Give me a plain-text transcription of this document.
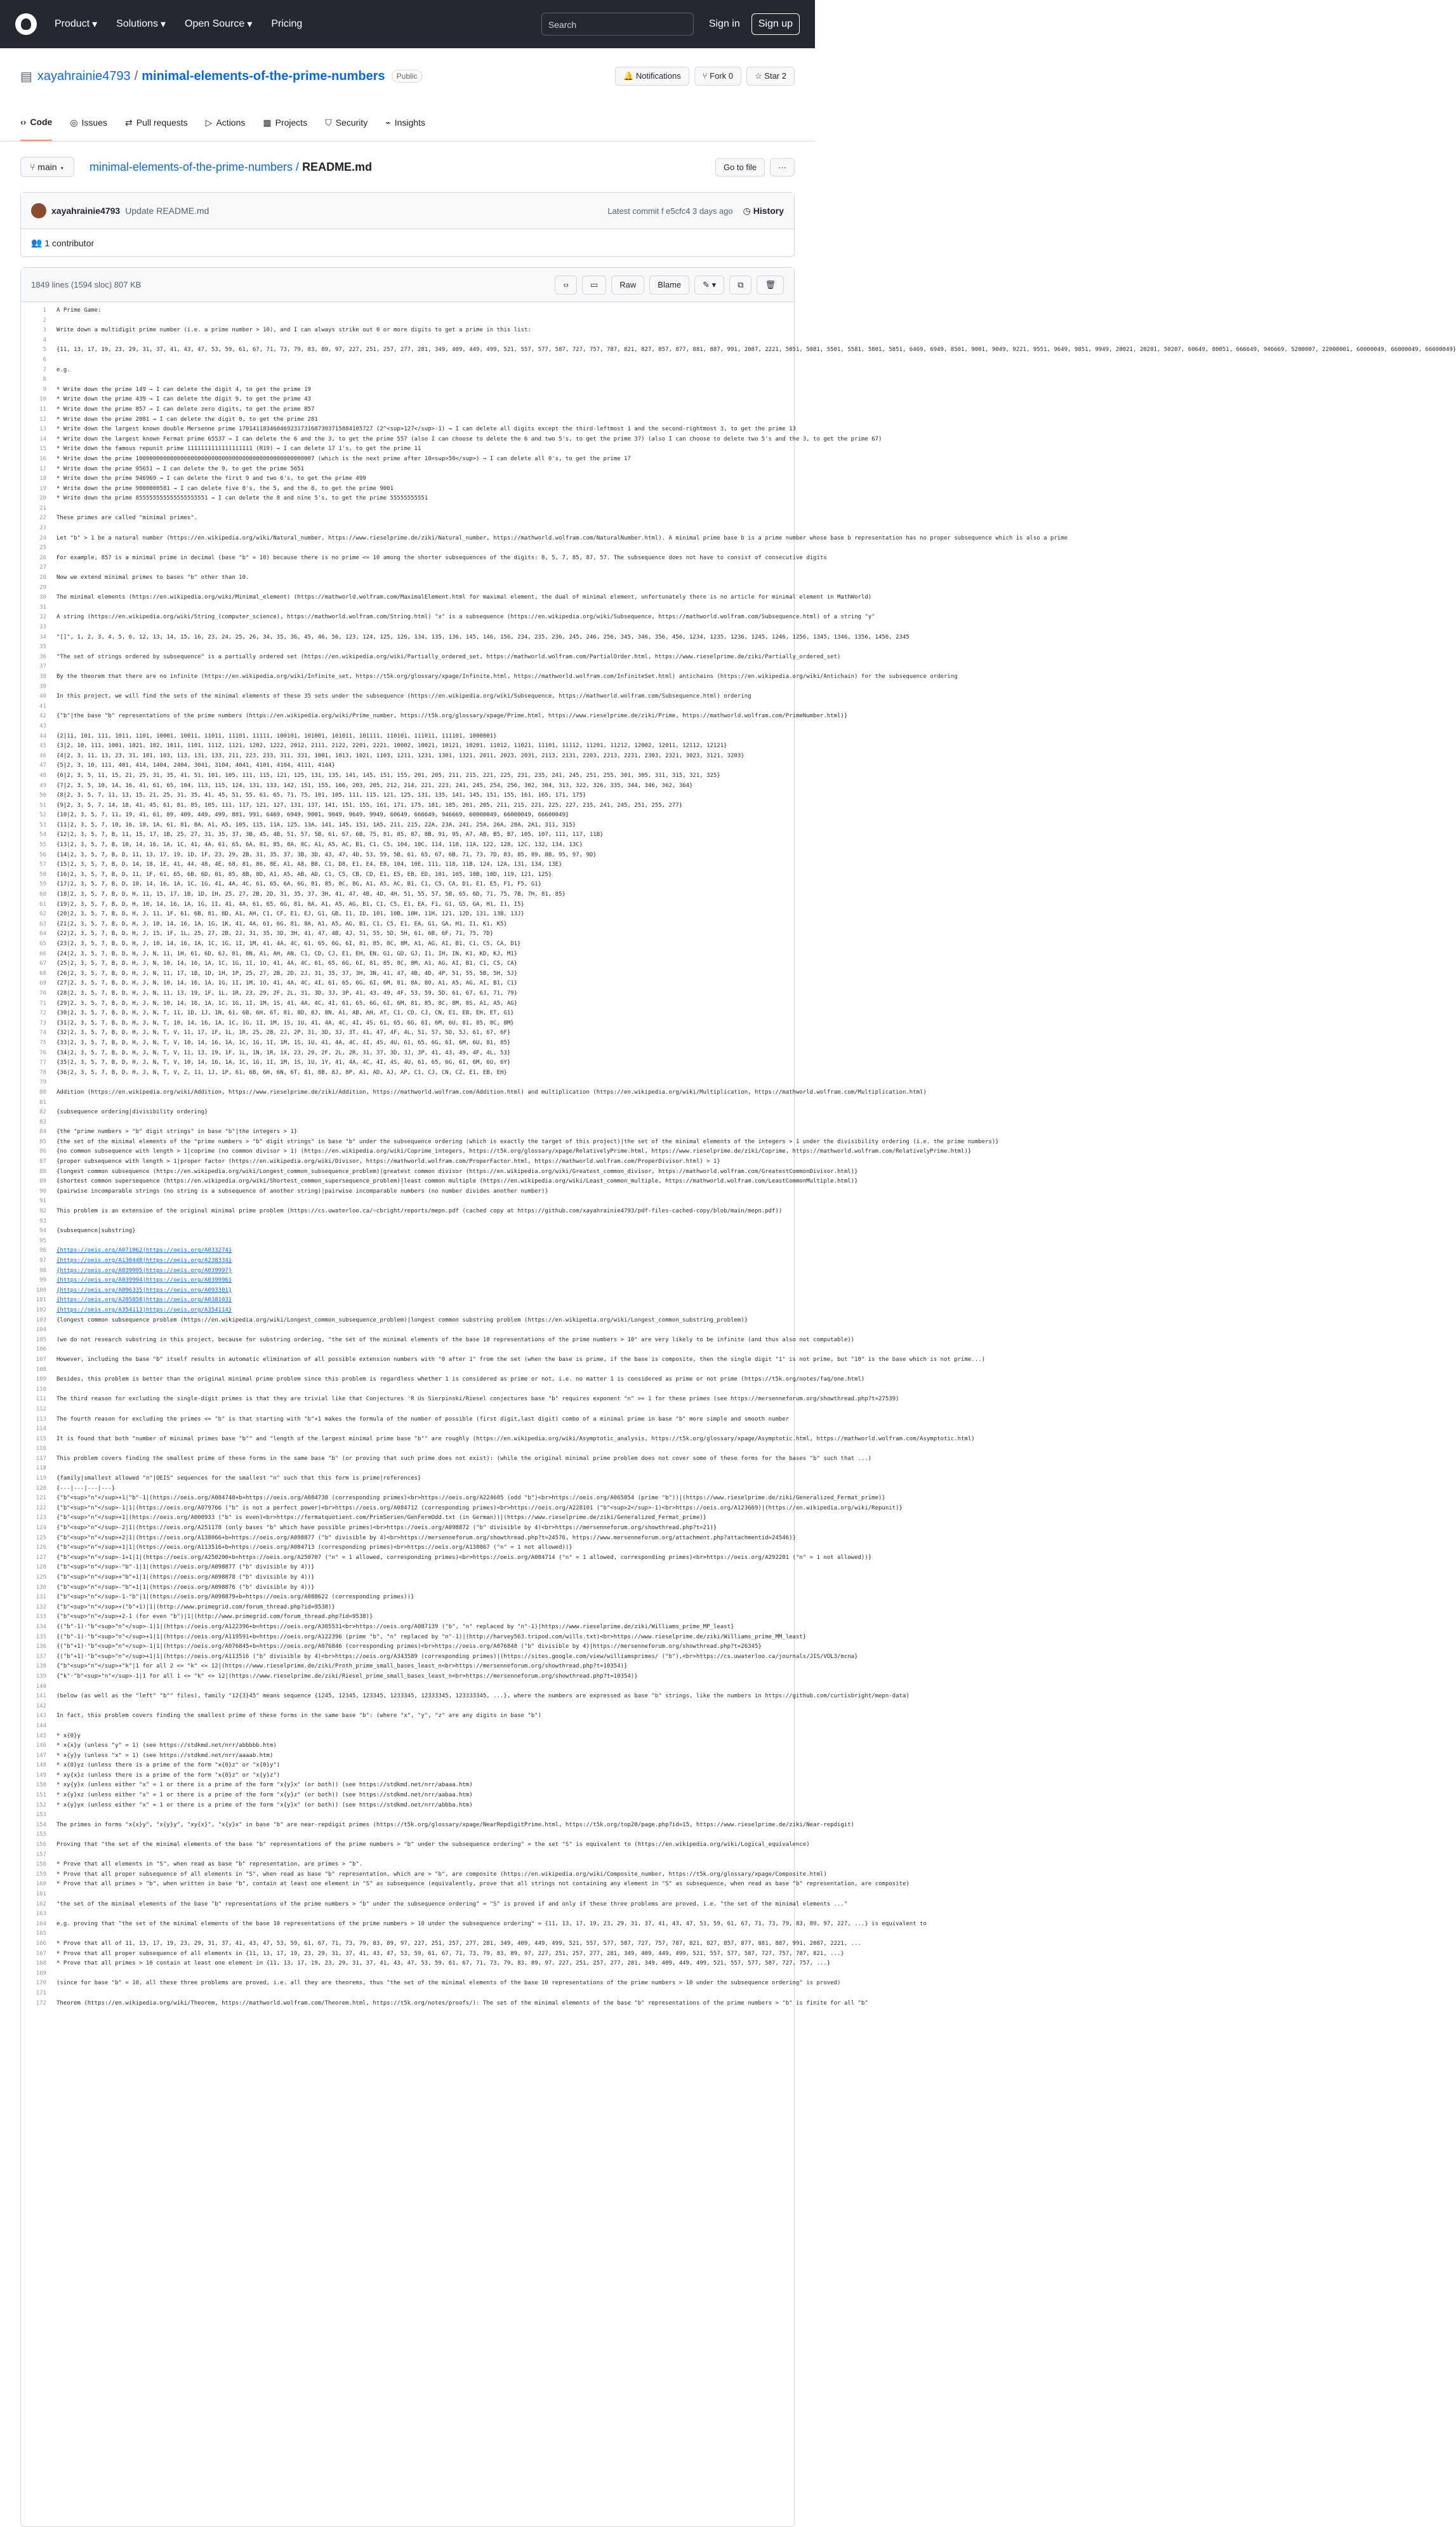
Product ▾ Solutions ▾ Open Source ▾ Pricing	Search	Sign in	Sign up
▤ xayahrainie4793 / minimal-elements-of-the-prime-numbers	Public	🔔 Notifications	⑂ Fork 0	☆ Star 2
‹› Code ◎ Issues ⇄ Pull requests ▷ Actions ▦ Projects ⛉ Security ⌁ Insights
⑂ main ▾	minimal-elements-of-the-prime-numbers / README.md	Go to file	···
xayahrainie4793 Update README.md	Latest commit f e5cfc4 3 days ago ◷ History
👥
1 contributor
1849 lines (1594 sloc) 807 KB	‹›	▭	Raw	Blame	✎ ▾	⧉	🗑
1	A Prime Game:
2
3	Write down a multidigit prime number (i.e. a prime number > 10), and I can always strike out 0 or more digits to get a prime in this list:
4
5	{11, 13, 17, 19, 23, 29, 31, 37, 41, 43, 47, 53, 59, 61, 67, 71, 73, 79, 83, 89, 97, 227, 251, 257, 277, 281, 349, 409, 449, 499, 521, 557, 577, 587, 727, 757, 787, 821, 827, 857, 877, 881, 887, 991, 2087, 2221, 5051, 5081, 5501, 5581, 5801, 5851, 6469, 6949, 8501, 9001, 9049, 9221, 9551, 9649, 9851, 9949, 20021, 20201, 50207, 60649, 80051, 666649, 946669, 5200007, 22000001, 60000049, 66000049, 66600049}
6
7	e.g.
8
9	* Write down the prime 149 → I can delete the digit 4, to get the prime 19
10	* Write down the prime 439 → I can delete the digit 9, to get the prime 43
11	* Write down the prime 857 → I can delete zero digits, to get the prime 857
12	* Write down the prime 2081 → I can delete the digit 0, to get the prime 281
13	* Write down the largest known double Mersenne prime 170141183460469231731687303715884105727 (2^<sup>127</sup>-1) → I can delete all digits except the third-leftmost 1 and the second-rightmost 3, to get the prime 13
14	* Write down the largest known Fermat prime 65537 → I can delete the 6 and the 3, to get the prime 557 (also I can choose to delete the 6 and two 5's, to get the prime 37) (also I can choose to delete two 5's and the 3, to get the prime 67)
15	* Write down the famous repunit prime 1111111111111111111 (R19) → I can delete 17 1's, to get the prime 11
16	* Write down the prime 1000000000000000000000000000000000000000000000000007 (which is the next prime after 10<sup>50</sup>) → I can delete all 0's, to get the prime 17
17	* Write down the prime 95651 → I can delete the 9, to get the prime 5651
18	* Write down the prime 946969 → I can delete the first 9 and two 6's, to get the prime 499
19	* Write down the prime 9000000581 → I can delete five 0's, the 5, and the 8, to get the prime 9001
20	* Write down the prime 855555555555555555551 → I can delete the 8 and nine 5's, to get the prime 55555555551
21
22	These primes are called "minimal primes".
23
24	Let "b" > 1 be a natural number (https://en.wikipedia.org/wiki/Natural_number, https://www.rieselprime.de/ziki/Natural_number, https://mathworld.wolfram.com/NaturalNumber.html). A minimal prime base b is a prime number whose base b representation has no proper subsequence which is also a prime
25
26	For example, 857 is a minimal prime in decimal (base "b" = 10) because there is no prime <= 10 among the shorter subsequences of the digits: 8, 5, 7, 85, 87, 57. The subsequence does not have to consist of consecutive digits
27
28	Now we extend minimal primes to bases "b" other than 10.
29
30	The minimal elements (https://en.wikipedia.org/wiki/Minimal_element) (https://mathworld.wolfram.com/MaximalElement.html for maximal element, the dual of minimal element, unfortunately there is no article for minimal element in MathWorld)
31
32	A string (https://en.wikipedia.org/wiki/String_(computer_science), https://mathworld.wolfram.com/String.html) "x" is a subsequence (https://en.wikipedia.org/wiki/Subsequence, https://mathworld.wolfram.com/Subsequence.html) of a string "y"
33
34	"[]", 1, 2, 3, 4, 5, 6, 12, 13, 14, 15, 16, 23, 24, 25, 26, 34, 35, 36, 45, 46, 56, 123, 124, 125, 126, 134, 135, 136, 145, 146, 156, 234, 235, 236, 245, 246, 256, 345, 346, 356, 456, 1234, 1235, 1236, 1245, 1246, 1256, 1345, 1346, 1356, 1456, 2345
35
36	"The set of strings ordered by subsequence" is a partially ordered set (https://en.wikipedia.org/wiki/Partially_ordered_set, https://mathworld.wolfram.com/PartialOrder.html, https://www.rieselprime.de/ziki/Partially_ordered_set)
37
38	By the theorem that there are no infinite (https://en.wikipedia.org/wiki/Infinite_set, https://t5k.org/glossary/xpage/Infinite.html, https://mathworld.wolfram.com/InfiniteSet.html) antichains (https://en.wikipedia.org/wiki/Antichain) for the subsequence ordering
39
40	In this project, we will find the sets of the minimal elements of these 35 sets under the subsequence (https://en.wikipedia.org/wiki/Subsequence, https://mathworld.wolfram.com/Subsequence.html) ordering
41
42	{"b"|the base "b" representations of the prime numbers (https://en.wikipedia.org/wiki/Prime_number, https://t5k.org/glossary/xpage/Prime.html, https://www.rieselprime.de/ziki/Prime, https://mathworld.wolfram.com/PrimeNumber.html)}
43
44	{2|11, 101, 111, 1011, 1101, 10001, 10011, 11011, 11101, 11111, 100101, 101001, 101011, 101111, 110101, 111011, 111101, 1000001}
45	{3|2, 10, 111, 1001, 1021, 102, 1011, 1101, 1112, 1121, 1202, 1222, 2012, 2111, 2122, 2201, 2221, 10002, 10021, 10121, 10201, 11012, 11021, 11101, 11112, 11201, 11212, 12002, 12011, 12112, 12121}
46	{4|2, 3, 11, 13, 23, 31, 101, 103, 113, 131, 133, 211, 223, 233, 311, 331, 1001, 1013, 1021, 1103, 1211, 1231, 1301, 1321, 2011, 2023, 2031, 2113, 2131, 2203, 2213, 2231, 2303, 2321, 3023, 3121, 3203}
47	{5|2, 3, 10, 111, 401, 414, 1404, 2404, 3041, 3104, 4041, 4101, 4104, 4111, 4144}
48	{6|2, 3, 5, 11, 15, 21, 25, 31, 35, 41, 51, 101, 105, 111, 115, 121, 125, 131, 135, 141, 145, 151, 155, 201, 205, 211, 215, 221, 225, 231, 235, 241, 245, 251, 255, 301, 305, 311, 315, 321, 325}
49	{7|2, 3, 5, 10, 14, 16, 41, 61, 65, 104, 113, 115, 124, 131, 133, 142, 151, 155, 166, 203, 205, 212, 214, 221, 223, 241, 245, 254, 256, 302, 304, 313, 322, 326, 335, 344, 346, 362, 364}
50	{8|2, 3, 5, 7, 11, 13, 15, 21, 25, 31, 35, 41, 45, 51, 55, 61, 65, 71, 75, 101, 105, 111, 115, 121, 125, 131, 135, 141, 145, 151, 155, 161, 165, 171, 175}
51	{9|2, 3, 5, 7, 14, 18, 41, 45, 61, 81, 85, 105, 111, 117, 121, 127, 131, 137, 141, 151, 155, 161, 171, 175, 181, 185, 201, 205, 211, 215, 221, 225, 227, 235, 241, 245, 251, 255, 277}
52	{10|2, 3, 5, 7, 11, 19, 41, 61, 89, 409, 449, 499, 881, 991, 6469, 6949, 9001, 9049, 9649, 9949, 60649, 666649, 946669, 60000049, 66000049, 66600049}
53	{11|2, 3, 5, 7, 10, 16, 18, 1A, 61, 81, 8A, A1, A5, 105, 115, 11A, 125, 13A, 141, 145, 151, 1A5, 211, 215, 22A, 23A, 241, 25A, 26A, 28A, 2A1, 311, 315}
54	{12|2, 3, 5, 7, B, 11, 15, 17, 1B, 25, 27, 31, 35, 37, 3B, 45, 4B, 51, 57, 5B, 61, 67, 6B, 75, 81, 85, 87, 8B, 91, 95, A7, AB, B5, B7, 105, 107, 111, 117, 11B}
55	{13|2, 3, 5, 7, B, 10, 14, 16, 1A, 1C, 41, 4A, 61, 65, 6A, 81, 85, 8A, 8C, A1, A5, AC, B1, C1, C5, 104, 10C, 114, 118, 11A, 122, 128, 12C, 132, 134, 13C}
56	{14|2, 3, 5, 7, B, D, 11, 13, 17, 19, 1D, 1F, 23, 29, 2B, 31, 35, 37, 3B, 3D, 43, 47, 4D, 53, 59, 5B, 61, 65, 67, 6B, 71, 73, 7D, 83, 85, 89, 8B, 95, 97, 9D}
57	{15|2, 3, 5, 7, B, D, 14, 18, 1E, 41, 44, 48, 4E, 68, 81, 86, 8E, A1, A8, B8, C1, D8, E1, E4, E8, 104, 10E, 111, 118, 11B, 124, 12A, 131, 134, 13E}
58	{16|2, 3, 5, 7, B, D, 11, 1F, 61, 65, 6B, 6D, 81, 85, 8B, 8D, A1, A5, AB, AD, C1, C5, CB, CD, E1, E5, EB, ED, 101, 105, 10B, 10D, 119, 121, 125}
59	{17|2, 3, 5, 7, B, D, 10, 14, 16, 1A, 1C, 1G, 41, 4A, 4C, 61, 65, 6A, 6G, 81, 85, 8C, 8G, A1, A5, AC, B1, C1, C5, CA, D1, E1, E5, F1, F5, G1}
60	{18|2, 3, 5, 7, B, D, H, 11, 15, 17, 1B, 1D, 1H, 25, 27, 2B, 2D, 31, 35, 37, 3H, 41, 47, 4B, 4D, 4H, 51, 55, 57, 5B, 65, 6D, 71, 75, 7B, 7H, 81, 85}
61	{19|2, 3, 5, 7, B, D, H, 10, 14, 16, 1A, 1G, 1I, 41, 4A, 61, 65, 6G, 81, 8A, A1, A5, AG, B1, C1, C5, E1, EA, F1, G1, G5, GA, H1, I1, I5}
62	{20|2, 3, 5, 7, B, D, H, J, 11, 1F, 61, 6B, 81, 8D, A1, AH, C1, CF, E1, EJ, G1, GB, I1, ID, 101, 10B, 10H, 11H, 121, 12D, 131, 13B, 13J}
63	{21|2, 3, 5, 7, B, D, H, J, 10, 14, 16, 1A, 1G, 1K, 41, 4A, 61, 6G, 81, 8A, A1, A5, AG, B1, C1, C5, E1, EA, G1, GA, H1, I1, K1, K5}
64	{22|2, 3, 5, 7, B, D, H, J, 15, 1F, 1L, 25, 27, 2B, 2J, 31, 35, 3D, 3H, 41, 47, 4B, 4J, 51, 55, 5D, 5H, 61, 6B, 6F, 71, 75, 7D}
65	{23|2, 3, 5, 7, B, D, H, J, 10, 14, 16, 1A, 1C, 1G, 1I, 1M, 41, 4A, 4C, 61, 65, 6G, 6I, 81, 85, 8C, 8M, A1, AG, AI, B1, C1, C5, CA, D1}
66	{24|2, 3, 5, 7, B, D, H, J, N, 11, 1H, 61, 6D, 6J, 81, 8N, A1, AH, AN, C1, CD, CJ, E1, EH, EN, G1, GD, GJ, I1, IH, IN, K1, KD, KJ, M1}
67	{25|2, 3, 5, 7, B, D, H, J, N, 10, 14, 16, 1A, 1C, 1G, 1I, 1O, 41, 4A, 4C, 61, 65, 6G, 6I, 81, 85, 8C, 8M, A1, AG, AI, B1, C1, C5, CA}
68	{26|2, 3, 5, 7, B, D, H, J, N, 11, 17, 1B, 1D, 1H, 1P, 25, 27, 2B, 2D, 2J, 31, 35, 37, 3H, 3N, 41, 47, 4B, 4D, 4P, 51, 55, 5B, 5H, 5J}
69	{27|2, 3, 5, 7, B, D, H, J, N, 10, 14, 16, 1A, 1G, 1I, 1M, 1O, 41, 4A, 4C, 4I, 61, 65, 6G, 6I, 6M, 81, 8A, 8O, A1, A5, AG, AI, B1, C1}
70	{28|2, 3, 5, 7, B, D, H, J, N, 11, 13, 19, 1F, 1L, 1R, 23, 29, 2F, 2L, 31, 3D, 3J, 3P, 41, 43, 49, 4F, 53, 59, 5D, 61, 67, 6J, 71, 79}
71	{29|2, 3, 5, 7, B, D, H, J, N, 10, 14, 16, 1A, 1C, 1G, 1I, 1M, 1S, 41, 4A, 4C, 4I, 61, 65, 6G, 6I, 6M, 81, 85, 8C, 8M, 8S, A1, A5, AG}
72	{30|2, 3, 5, 7, B, D, H, J, N, T, 11, 1D, 1J, 1N, 61, 6B, 6H, 6T, 81, 8D, 8J, 8N, A1, AB, AH, AT, C1, CD, CJ, CN, E1, EB, EH, ET, G1}
73	{31|2, 3, 5, 7, B, D, H, J, N, T, 10, 14, 16, 1A, 1C, 1G, 1I, 1M, 1S, 1U, 41, 4A, 4C, 4I, 4S, 61, 65, 6G, 6I, 6M, 6U, 81, 85, 8C, 8M}
74	{32|2, 3, 5, 7, B, D, H, J, N, T, V, 11, 17, 1F, 1L, 1R, 25, 2B, 2J, 2P, 31, 3D, 3J, 3T, 41, 47, 4F, 4L, 51, 57, 5D, 5J, 61, 67, 6F}
75	{33|2, 3, 5, 7, B, D, H, J, N, T, V, 10, 14, 16, 1A, 1C, 1G, 1I, 1M, 1S, 1U, 41, 4A, 4C, 4I, 4S, 4U, 61, 65, 6G, 6I, 6M, 6U, 81, 85}
76	{34|2, 3, 5, 7, B, D, H, J, N, T, V, 11, 13, 19, 1F, 1L, 1N, 1R, 1X, 23, 29, 2F, 2L, 2R, 31, 37, 3D, 3J, 3P, 41, 43, 49, 4F, 4L, 53}
77	{35|2, 3, 5, 7, B, D, H, J, N, T, V, 10, 14, 16, 1A, 1C, 1G, 1I, 1M, 1S, 1U, 1Y, 41, 4A, 4C, 4I, 4S, 4U, 61, 65, 6G, 6I, 6M, 6U, 6Y}
78	{36|2, 3, 5, 7, B, D, H, J, N, T, V, Z, 11, 1J, 1P, 61, 6B, 6H, 6N, 6T, 81, 8B, 8J, 8P, A1, AD, AJ, AP, C1, CJ, CN, CZ, E1, EB, EH}
79
80	Addition (https://en.wikipedia.org/wiki/Addition, https://www.rieselprime.de/ziki/Addition, https://mathworld.wolfram.com/Addition.html) and multiplication (https://en.wikipedia.org/wiki/Multiplication, https://mathworld.wolfram.com/Multiplication.html)
81
82	{subsequence ordering|divisibility ordering}
83
84	{the "prime numbers > "b" digit strings" in base "b"|the integers > 1}
85	{the set of the minimal elements of the "prime numbers > "b" digit strings" in base "b" under the subsequence ordering (which is exactly the target of this project)|the set of the minimal elements of the integers > 1 under the divisibility ordering (i.e. the prime numbers)}
86	{no common subsequence with length > 1|coprime (no common divisor > 1) (https://en.wikipedia.org/wiki/Coprime_integers, https://t5k.org/glossary/xpage/RelativelyPrime.html, https://www.rieselprime.de/ziki/Coprime, https://mathworld.wolfram.com/RelativelyPrime.html)}
87	{proper subsequence with length > 1|proper factor (https://en.wikipedia.org/wiki/Divisor, https://mathworld.wolfram.com/ProperFactor.html, https://mathworld.wolfram.com/ProperDivisor.html) > 1}
88	{longest common subsequence (https://en.wikipedia.org/wiki/Longest_common_subsequence_problem)|greatest common divisor (https://en.wikipedia.org/wiki/Greatest_common_divisor, https://mathworld.wolfram.com/GreatestCommonDivisor.html)}
89	{shortest common supersequence (https://en.wikipedia.org/wiki/Shortest_common_supersequence_problem)|least common multiple (https://en.wikipedia.org/wiki/Least_common_multiple, https://mathworld.wolfram.com/LeastCommonMultiple.html)}
90	{pairwise incomparable strings (no string is a subsequence of another string)|pairwise incomparable numbers (no number divides another number)}
91
92	This problem is an extension of the original minimal prime problem (https://cs.uwaterloo.ca/~cbright/reports/mepn.pdf (cached copy at https://github.com/xayahrainie4793/pdf-files-cached-copy/blob/main/mepn.pdf))
93
94	{subsequence|substring}
95
96	{https://oeis.org/A071062|https://oeis.org/A033274}
97	{https://oeis.org/A130448|https://oeis.org/A238334}
98	{https://oeis.org/A039995|https://oeis.org/A039997}
99	{https://oeis.org/A039994|https://oeis.org/A039996}
100	{https://oeis.org/A096335|https://oeis.org/A093301}
101	{https://oeis.org/A205058|https://oeis.org/A038103}
102	{https://oeis.org/A354113|https://oeis.org/A354114}
103	{longest common subsequence problem (https://en.wikipedia.org/wiki/Longest_common_subsequence_problem)|longest common substring problem (https://en.wikipedia.org/wiki/Longest_common_substring_problem)}
104
105	(we do not research substring in this project, because for substring ordering, "the set of the minimal elements of the base 10 representations of the prime numbers > 10" are very likely to be infinite (and thus also not computable))
106
107	However, including the base "b" itself results in automatic elimination of all possible extension numbers with "0 after 1" from the set (when the base is prime, if the base is composite, then the single digit "1" is not prime, but "10" is the base which is not prime...)
108
109	Besides, this problem is better than the original minimal prime problem since this problem is regardless whether 1 is considered as prime or not, i.e. no matter 1 is considered as prime or not prime (https://t5k.org/notes/faq/one.html)
110
111	The third reason for excluding the single-digit primes is that they are trivial like that Conjectures 'R Us Sierpinski/Riesel conjectures base "b" requires exponent "n" >= 1 for these primes (see https://mersenneforum.org/showthread.php?t=27539)
112
113	The fourth reason for excluding the primes <= "b" is that starting with "b"+1 makes the formula of the number of possible (first digit,last digit) combo of a minimal prime in base "b" more simple and smooth number
114
115	It is found that both "number of minimal primes base "b"" and "length of the largest minimal prime base "b"" are roughly (https://en.wikipedia.org/wiki/Asymptotic_analysis, https://t5k.org/glossary/xpage/Asymptotic.html, https://mathworld.wolfram.com/Asymptotic.html)
116
117	This problem covers finding the smallest prime of these forms in the same base "b" (or proving that such prime does not exist): (while the original minimal prime problem does not cover some of these forms for the bases "b" such that ...)
118
119	{family|smallest allowed "n"|OEIS" sequences for the smallest "n" such that this form is prime|references}
120	{---|---|---|---}
121	{"b"<sup>"n"</sup>+1|"b"-1|(https://oeis.org/A084740+b=https://oeis.org/A084738 (corresponding primes)<br>https://oeis.org/A224605 (odd "b")<br>https://oeis.org/A065854 (prime "b"))|(https://www.rieselprime.de/ziki/Generalized_Fermat_prime)}
122	{"b"<sup>"n"</sup>-1|1|(https://oeis.org/A079766 ("b" is not a perfect power)<br>https://oeis.org/A084712 (corresponding primes)<br>https://oeis.org/A228101 ("b"<sup>2</sup>-1)<br>https://oeis.org/A123669)|(https://en.wikipedia.org/wiki/Repunit)}
123	{"b"<sup>"n"</sup>+1|(https://oeis.org/A000933 ("b" is even)<br>https://fermatquotient.com/PrimSerien/GenFermOdd.txt (in German))|(https://www.rieselprime.de/ziki/Generalized_Fermat_prime)}
124	{"b"<sup>"n"</sup>-2|1|(https://oeis.org/A251178 (only bases "b" which have possible primes)<br>https://oeis.org/A098872 ("b" divisible by 4)<br>https://mersenneforum.org/showthread.php?t=21)}
125	{"b"<sup>"n"</sup>+2|1|(https://oeis.org/A138066+b=https://oeis.org/A098877 ("b" divisible by 4)<br>https://mersenneforum.org/showthread.php?t=24576, https://www.mersenneforum.org/attachment.php?attachmentid=24546)}
126	{"b"<sup>"n"</sup>+1|1|(https://oeis.org/A113516+b=https://oeis.org/A084713 (corresponding primes)<br>https://oeis.org/A138067 ("n" = 1 not allowed))}
127	{"b"<sup>"n"</sup>-1+1|1|(https://oeis.org/A250200+b=https://oeis.org/A250707 ("n" = 1 allowed, corresponding primes)<br>https://oeis.org/A084714 ("n" = 1 allowed, corresponding primes)<br>https://oeis.org/A292201 ("n" = 1 not allowed))}
128	{"b"<sup>"n"</sup>-"b"-1|1|(https://oeis.org/A098877 ("b" divisible by 4))}
129	{"b"<sup>"n"</sup>+"b"+1|1|(https://oeis.org/A098878 ("b" divisible by 4))}
130	{"b"<sup>"n"</sup>-"b"+1|1|(https://oeis.org/A098876 ("b" divisible by 4))}
131	{"b"<sup>"n"</sup>-1-"b"|1|(https://oeis.org/A098879+b=https://oeis.org/A088622 (corresponding primes))}
132	{"b"<sup>"n"</sup>+("b"+1)|1|(http://www.primegrid.com/forum_thread.php?id=9538)}
133	{"b"<sup>"n"</sup>+2-1 (for even "b")|1|(http://www.primegrid.com/forum_thread.php?id=9538)}
134	{("b"-1)·"b"<sup>"n"</sup>-1|1|(https://oeis.org/A122396+b=https://oeis.org/A305531<br>https://oeis.org/A087139 ("b", "n" replaced by "n"-1)|https://www.rieselprime.de/ziki/Williams_prime_MP_least}
135	{("b"-1)·"b"<sup>"n"</sup>+1|1|(https://oeis.org/A119591+b=https://oeis.org/A122396 (prime "b", "n" replaced by "n"-1)|(http://harvey563.tripod.com/wills.txt)<br>https://www.rieselprime.de/ziki/Williams_prime_MM_least}
136	{("b"+1)·"b"<sup>"n"</sup>-1|1|(https://oeis.org/A076845+b=https://oeis.org/A076846 (corresponding primes)<br>https://oeis.org/A076848 ("b" divisible by 4)|https://mersenneforum.org/showthread.php?t=26345}
137	{("b"+1)·"b"<sup>"n"</sup>+1|1|(https://oeis.org/A113516 ("b" divisible by 4)<br>https://oeis.org/A343589 (corresponding primes)|(https://sites.google.com/view/williamsprimes/ ("b"),<br>https://cs.uwaterloo.ca/journals/JIS/VOL3/mcna}
138	{"b"<sup>"n"</sup>+"k"|1 for all 2 <= "k" <= 12|(https://www.rieselprime.de/ziki/Proth_prime_small_bases_least_n<br>https://mersenneforum.org/showthread.php?t=10354)}
139	{"k"·"b"<sup>"n"</sup>-1|1 for all 1 <= "k" <= 12|(https://www.rieselprime.de/ziki/Riesel_prime_small_bases_least_n<br>https://mersenneforum.org/showthread.php?t=10354)}
140
141	(below (as well as the "left" "b"" files), family "12{3}45" means sequence {1245, 12345, 123345, 1233345, 12333345, 123333345, ...}, where the numbers are expressed as base "b" strings, like the numbers in https://github.com/curtisbright/mepn-data)
142
143	In fact, this problem covers finding the smallest prime of these forms in the same base "b": (where "x", "y", "z" are any digits in base "b")
144
145	* x{0}y
146	* x{x}y (unless "y" = 1) (see https://stdkmd.net/nrr/abbbbb.htm)
147	* x{y}y (unless "x" = 1) (see https://stdkmd.net/nrr/aaaab.htm)
148	* x{0}yz (unless there is a prime of the form "x{0}z" or "x{0}y")
149	* xy{x}z (unless there is a prime of the form "x{0}z" or "x{y}z")
150	* xy{y}x (unless either "x" = 1 or there is a prime of the form "x{y}x" (or both)) (see https://stdkmd.net/nrr/abaaa.htm)
151	* x{y}xz (unless either "x" = 1 or there is a prime of the form "x{y}z" (or both)) (see https://stdkmd.net/nrr/aabaa.htm)
152	* x{y}yx (unless either "x" = 1 or there is a prime of the form "x{y}x" (or both)) (see https://stdkmd.net/nrr/abbba.htm)
153
154	The primes in forms "x{x}y", "x{y}y", "xy{x}", "x{y}x" in base "b" are near-repdigit primes (https://t5k.org/glossary/xpage/NearRepdigitPrime.html, https://t5k.org/top20/page.php?id=15, https://www.rieselprime.de/ziki/Near-repdigit)
155
156	Proving that "the set of the minimal elements of the base "b" representations of the prime numbers > "b" under the subsequence ordering" = the set "S" is equivalent to (https://en.wikipedia.org/wiki/Logical_equivalence)
157
158	* Prove that all elements in "S", when read as base "b" representation, are primes > "b".
159	* Prove that all proper subsequence of all elements in "S", when read as base "b" representation, which are > "b", are composite (https://en.wikipedia.org/wiki/Composite_number, https://t5k.org/glossary/xpage/Composite.html)
160	* Prove that all primes > "b", when written in base "b", contain at least one element in "S" as subsequence (equivalently, prove that all strings not containing any element in "S" as subsequence, when read as base "b" representation, are composite)
161
162	"the set of the minimal elements of the base "b" representations of the prime numbers > "b" under the subsequence ordering" = "S" is proved if and only if these three problems are proved, i.e. "the set of the minimal elements ..."
163
164	e.g. proving that "the set of the minimal elements of the base 10 representations of the prime numbers > 10 under the subsequence ordering" = {11, 13, 17, 19, 23, 29, 31, 37, 41, 43, 47, 53, 59, 61, 67, 71, 73, 79, 83, 89, 97, 227, ...} is equivalent to
165
166	* Prove that all of 11, 13, 17, 19, 23, 29, 31, 37, 41, 43, 47, 53, 59, 61, 67, 71, 73, 79, 83, 89, 97, 227, 251, 257, 277, 281, 349, 409, 449, 499, 521, 557, 577, 587, 727, 757, 787, 821, 827, 857, 877, 881, 887, 991, 2087, 2221, ...
167	* Prove that all proper subsequence of all elements in {11, 13, 17, 19, 23, 29, 31, 37, 41, 43, 47, 53, 59, 61, 67, 71, 73, 79, 83, 89, 97, 227, 251, 257, 277, 281, 349, 409, 449, 499, 521, 557, 577, 587, 727, 757, 787, 821, ...}
168	* Prove that all primes > 10 contain at least one element in {11, 13, 17, 19, 23, 29, 31, 37, 41, 43, 47, 53, 59, 61, 67, 71, 73, 79, 83, 89, 97, 227, 251, 257, 277, 281, 349, 409, 449, 499, 521, 557, 577, 587, 727, 757, ...}
169
170	(since for base "b" = 10, all these three problems are proved, i.e. all they are theorems, thus "the set of the minimal elements of the base 10 representations of the prime numbers > 10 under the subsequence ordering" is proved)
171
172	Theorem (https://en.wikipedia.org/wiki/Theorem, https://mathworld.wolfram.com/Theorem.html, https://t5k.org/notes/proofs/): The set of the minimal elements of the base "b" representations of the prime numbers > "b" is finite for all "b"
